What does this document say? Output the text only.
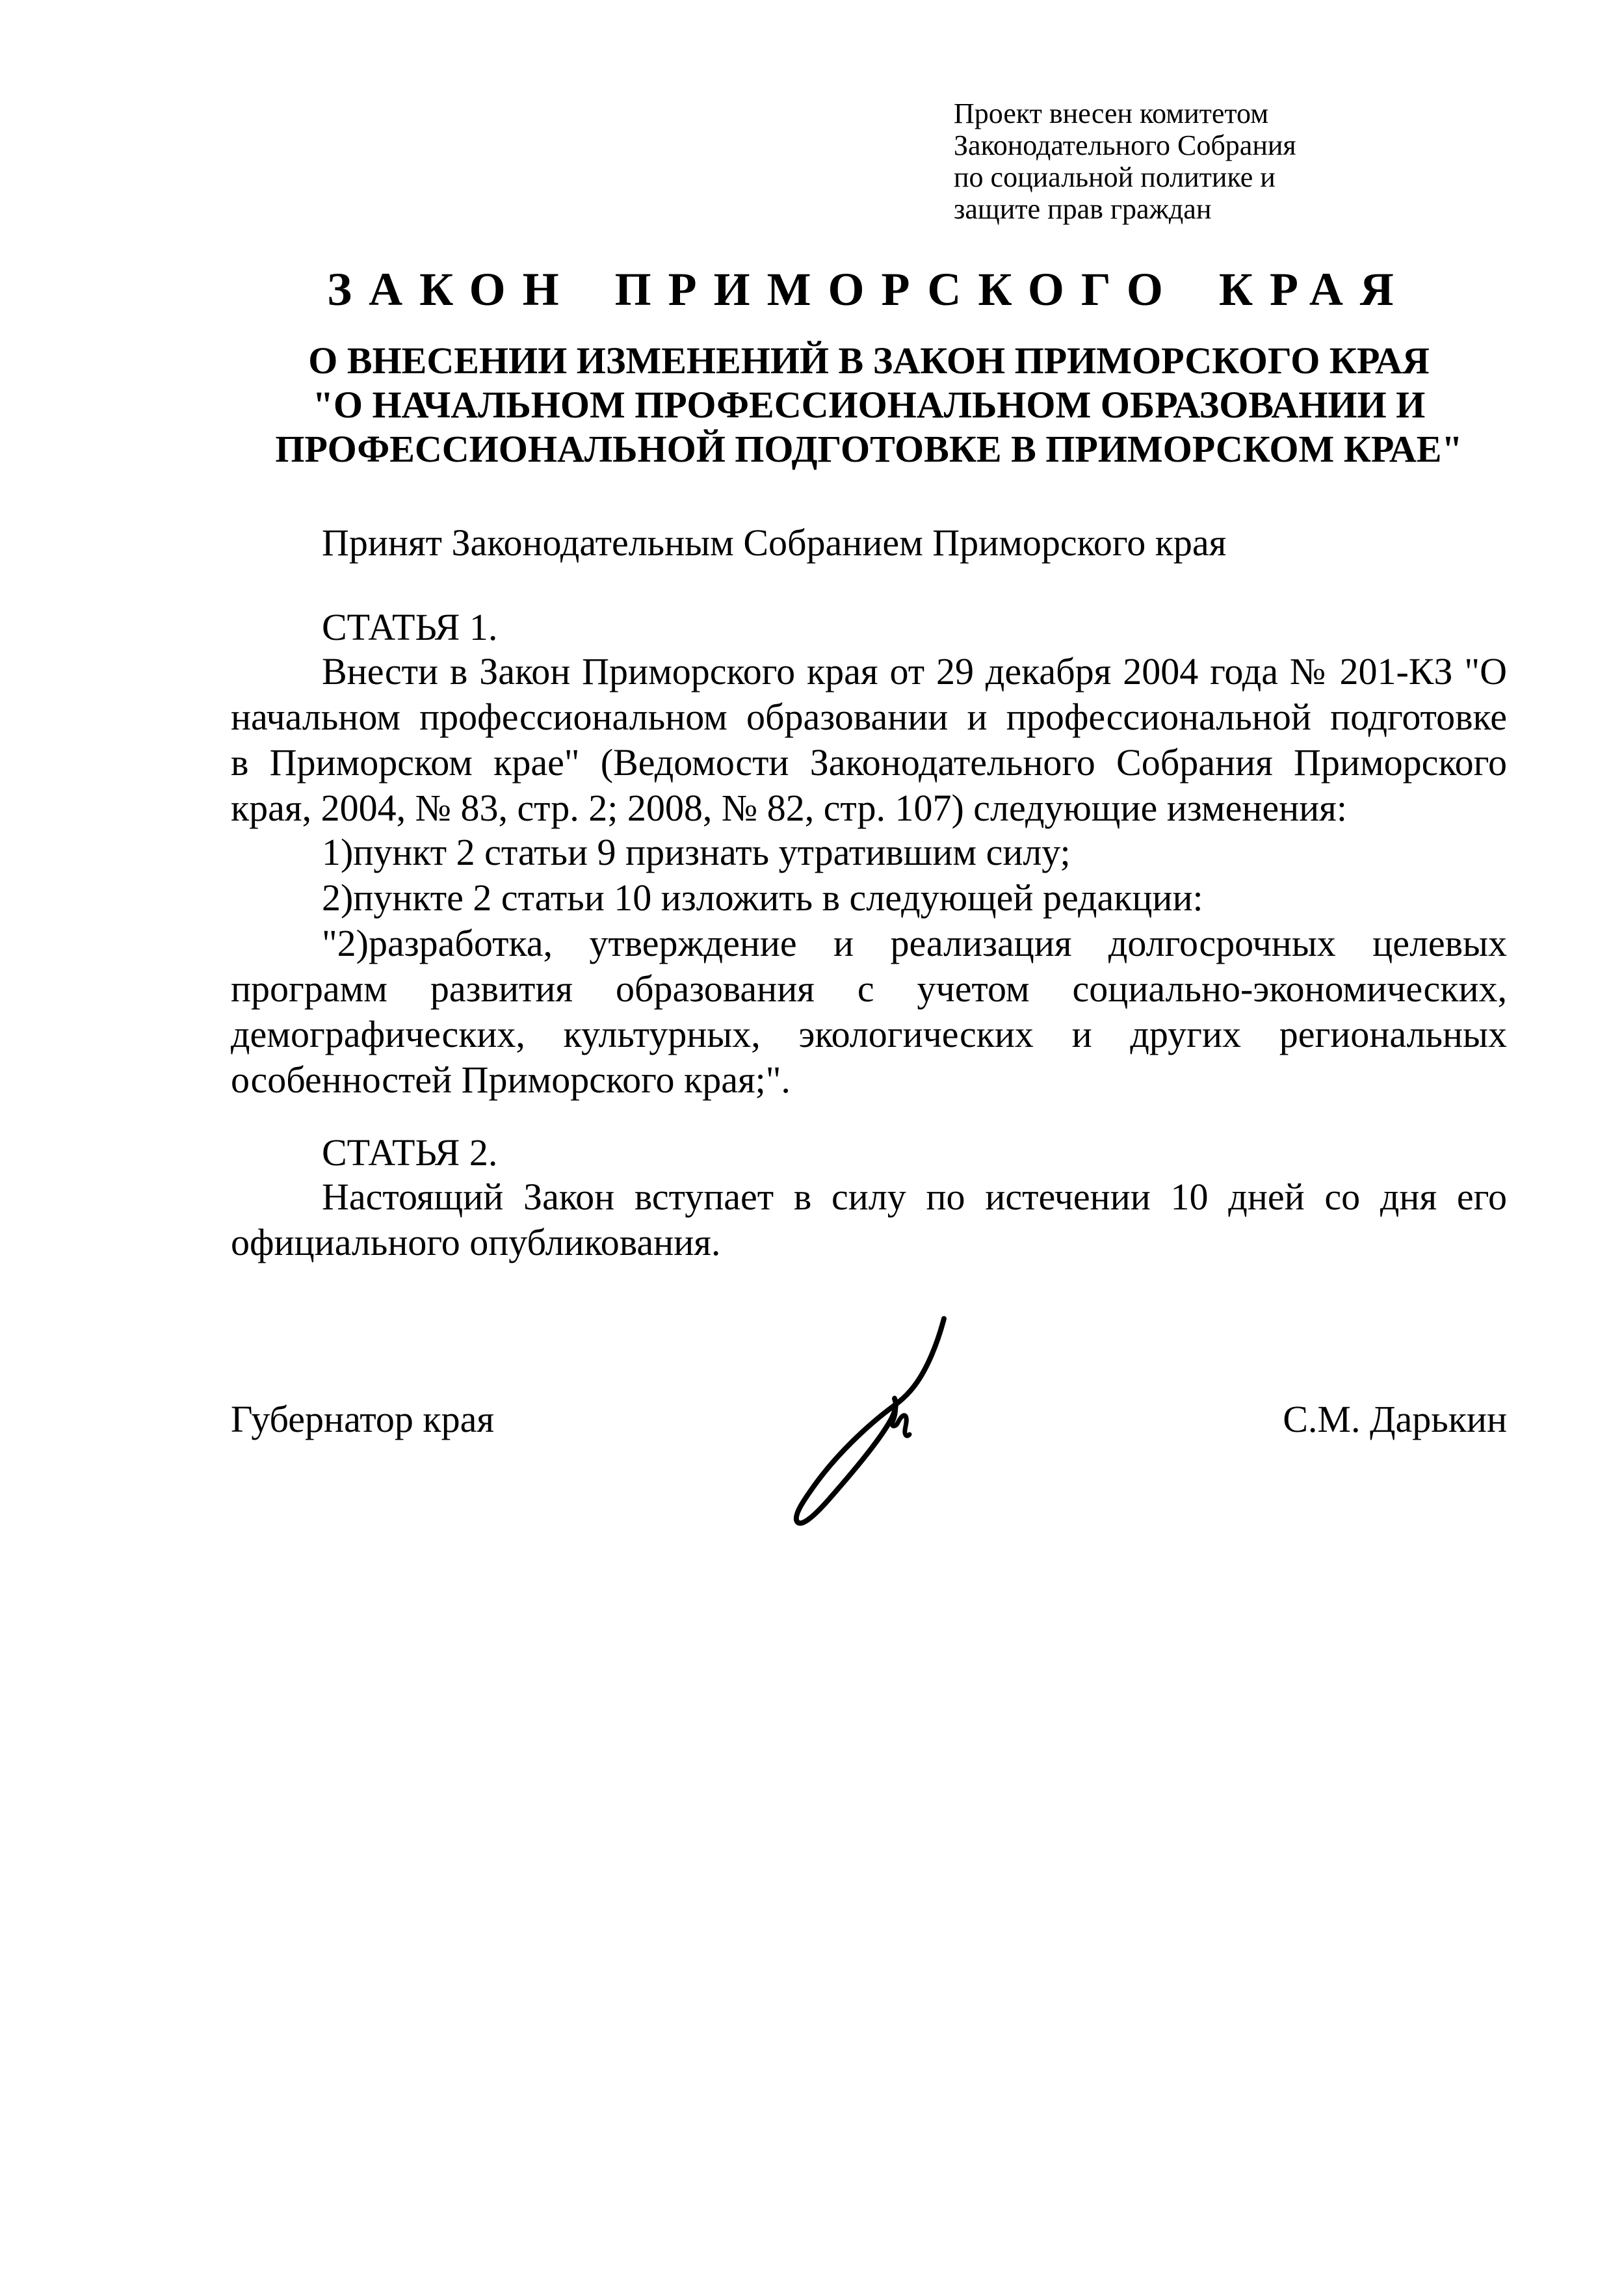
Проект внесен комитетом
Законодательного Собрания
по социальной политике и
защите прав граждан
ЗАКОН ПРИМОРСКОГО КРАЯ
О ВНЕСЕНИИ ИЗМЕНЕНИЙ В ЗАКОН ПРИМОРСКОГО КРАЯ
"О НАЧАЛЬНОМ ПРОФЕССИОНАЛЬНОМ ОБРАЗОВАНИИ И
ПРОФЕССИОНАЛЬНОЙ ПОДГОТОВКЕ В ПРИМОРСКОМ КРАЕ"
Принят Законодательным Собранием Приморского края
СТАТЬЯ 1.
Внести в Закон Приморского края от 29 декабря 2004 года № 201-КЗ "О
начальном профессиональном образовании и профессиональной подготовке
в Приморском крае" (Ведомости Законодательного Собрания Приморского
края, 2004, № 83, стр. 2; 2008, № 82, стр. 107) следующие изменения:
1)пункт 2 статьи 9 признать утратившим силу;
2)пункте 2 статьи 10 изложить в следующей редакции:
"2)разработка, утверждение и реализация долгосрочных целевых
программ развития образования с учетом социально-экономических,
демографических, культурных, экологических и других региональных
особенностей Приморского края;".
СТАТЬЯ 2.
Настоящий Закон вступает в силу по истечении 10 дней со дня его
официального опубликования.
Губернатор края	С.М. Дарькин
